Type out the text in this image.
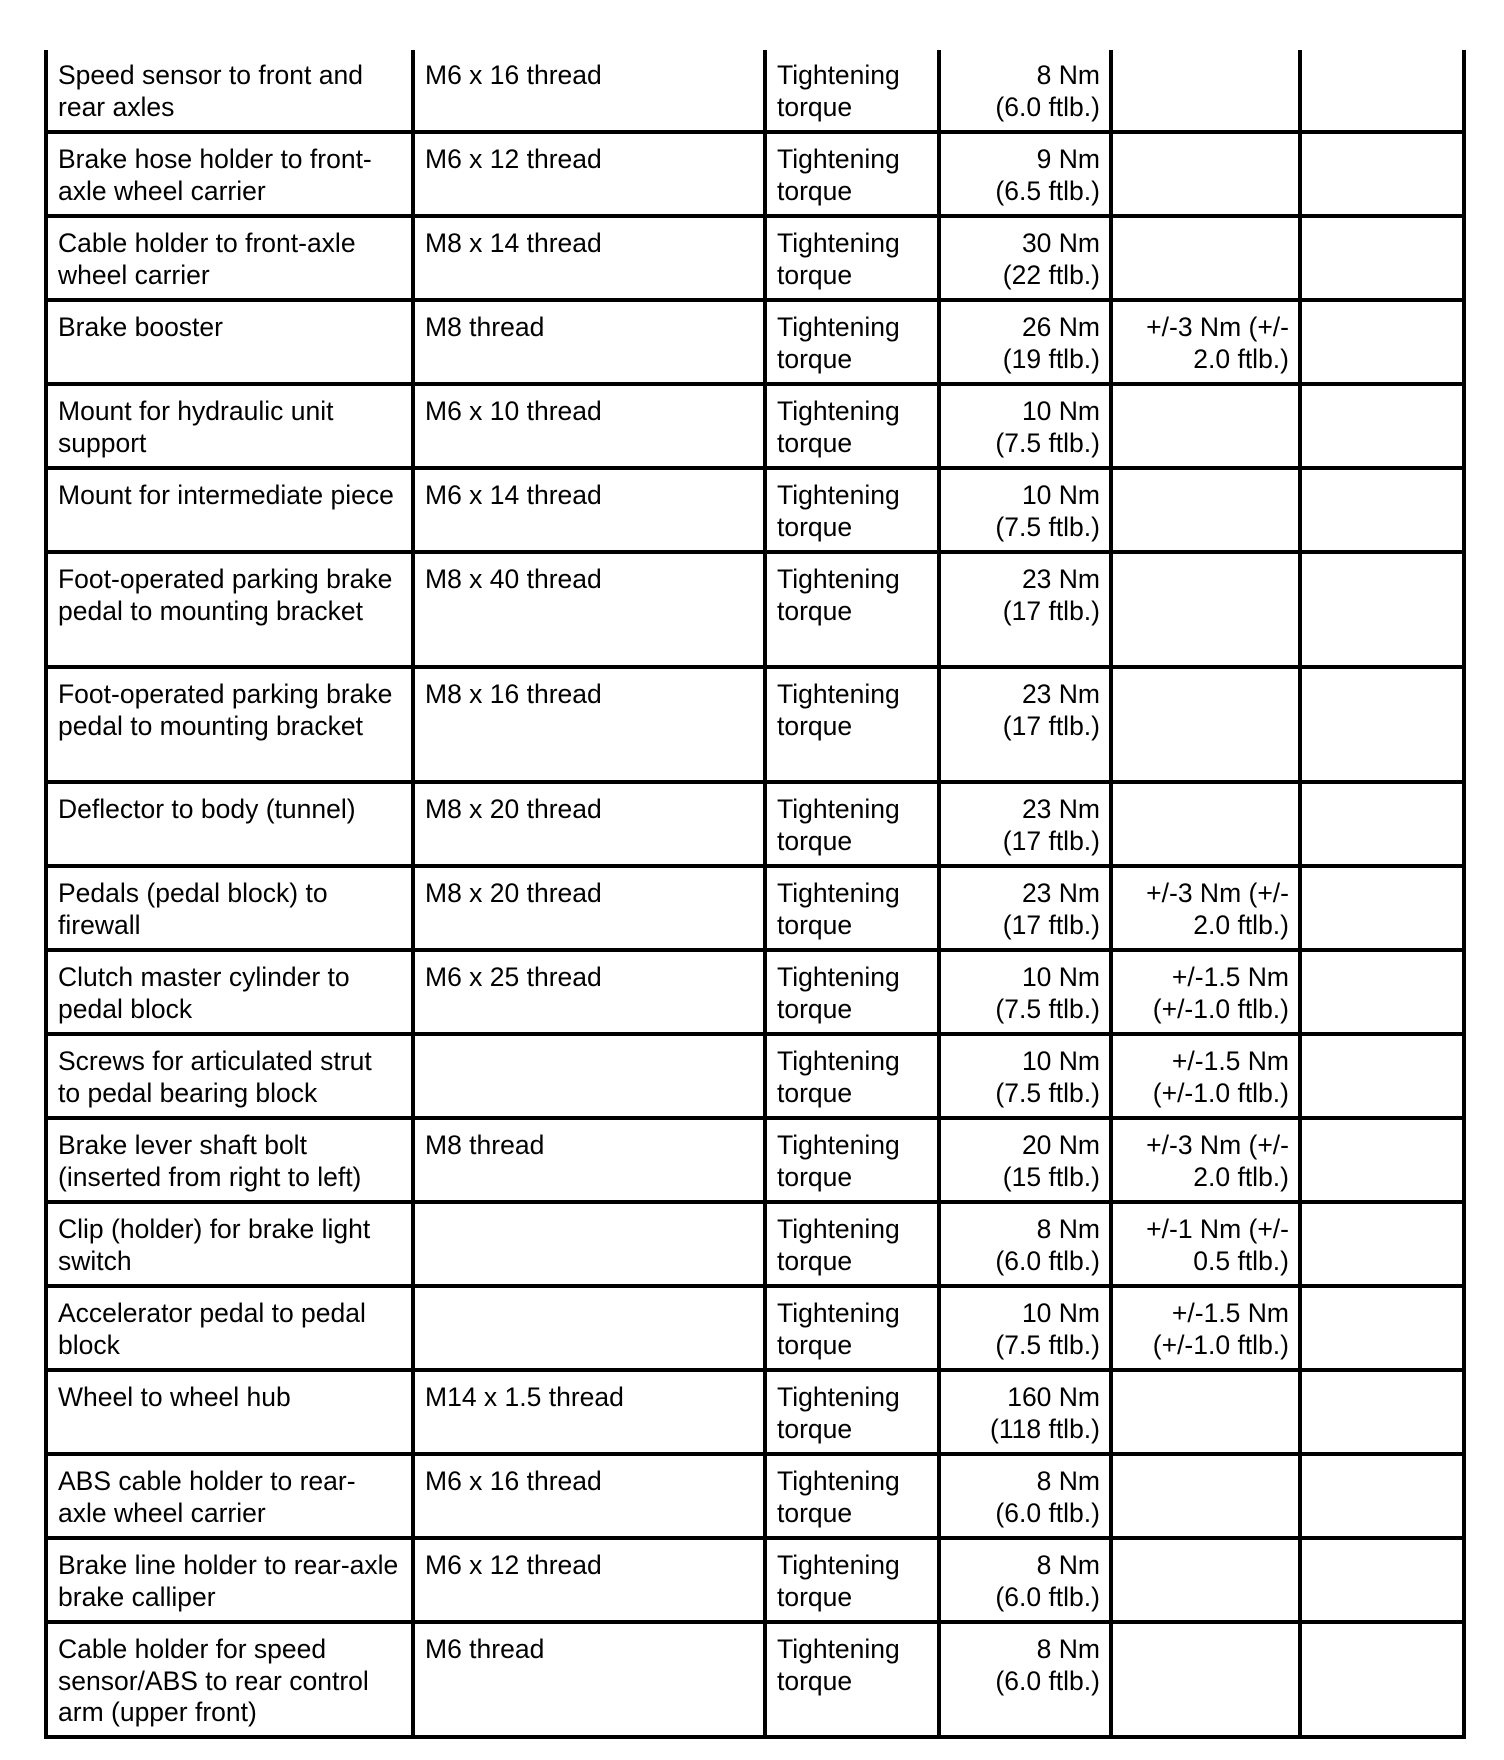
Speed sensor to front and rear axles	M6 x 16 thread	Tightening
torque	8 Nm
(6.0 ftlb.)		

Brake hose holder to front-axle wheel carrier	M6 x 12 thread	Tightening
torque	9 Nm
(6.5 ftlb.)		

Cable holder to front-axle wheel carrier	M8 x 14 thread	Tightening
torque	30 Nm
(22 ftlb.)		

Brake booster	M8 thread	Tightening
torque	26 Nm
(19 ftlb.)	+/-3 Nm (+/-
2.0 ftlb.)	

Mount for hydraulic unit support	M6 x 10 thread	Tightening
torque	10 Nm
(7.5 ftlb.)		

Mount for intermediate piece	M6 x 14 thread	Tightening
torque	10 Nm
(7.5 ftlb.)		

Foot-operated parking brake pedal to mounting bracket	M8 x 40 thread	Tightening
torque	23 Nm
(17 ftlb.)		

Foot-operated parking brake pedal to mounting bracket	M8 x 16 thread	Tightening
torque	23 Nm
(17 ftlb.)		

Deflector to body (tunnel)	M8 x 20 thread	Tightening
torque	23 Nm
(17 ftlb.)		

Pedals (pedal block) to firewall	M8 x 20 thread	Tightening
torque	23 Nm
(17 ftlb.)	+/-3 Nm (+/-
2.0 ftlb.)	

Clutch master cylinder to pedal block	M6 x 25 thread	Tightening
torque	10 Nm
(7.5 ftlb.)	+/-1.5 Nm
(+/-1.0 ftlb.)	

Screws for articulated strut to pedal bearing block		Tightening
torque	10 Nm
(7.5 ftlb.)	+/-1.5 Nm
(+/-1.0 ftlb.)	

Brake lever shaft bolt (inserted from right to left)	M8 thread	Tightening
torque	20 Nm
(15 ftlb.)	+/-3 Nm (+/-
2.0 ftlb.)	

Clip (holder) for brake light switch		Tightening
torque	8 Nm
(6.0 ftlb.)	+/-1 Nm (+/-
0.5 ftlb.)	

Accelerator pedal to pedal block		Tightening
torque	10 Nm
(7.5 ftlb.)	+/-1.5 Nm
(+/-1.0 ftlb.)	

Wheel to wheel hub	M14 x 1.5 thread	Tightening
torque	160 Nm
(118 ftlb.)		

ABS cable holder to rear-axle wheel carrier	M6 x 16 thread	Tightening
torque	8 Nm
(6.0 ftlb.)		

Brake line holder to rear-axle brake calliper	M6 x 12 thread	Tightening
torque	8 Nm
(6.0 ftlb.)		

Cable holder for speed sensor/ABS to rear control arm (upper front)	M6 thread	Tightening
torque	8 Nm
(6.0 ftlb.)		
